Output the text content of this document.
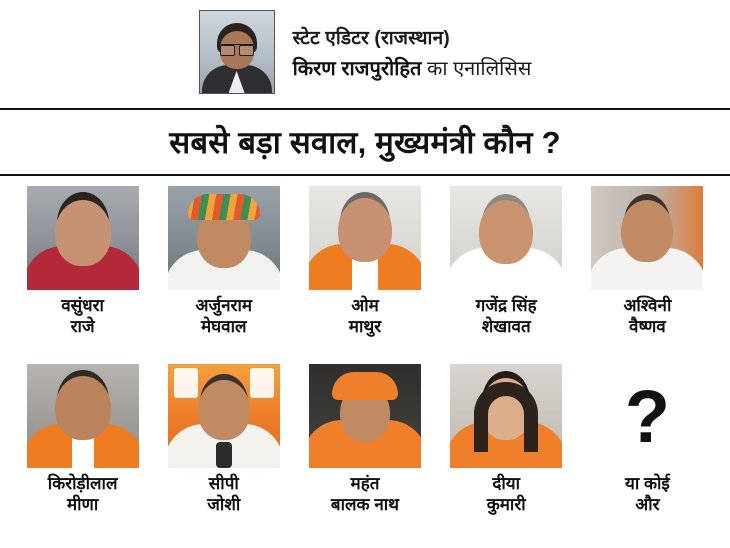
स्टेट एडिटर (राजस्थान)
किरण राजपुरोहित का एनालिसिस
सबसे बड़ा सवाल, मुख्यमंत्री कौन ?
वसुंधरा
राजे
अर्जुनराम
मेघवाल
ओम
माथुर
गजेंद्र सिंह
शेखावत
अश्विनी
वैष्णव
किरोड़ीलाल
मीणा
सीपी
जोशी
महंत
बालक नाथ
दीया
कुमारी
?
या कोई
और
